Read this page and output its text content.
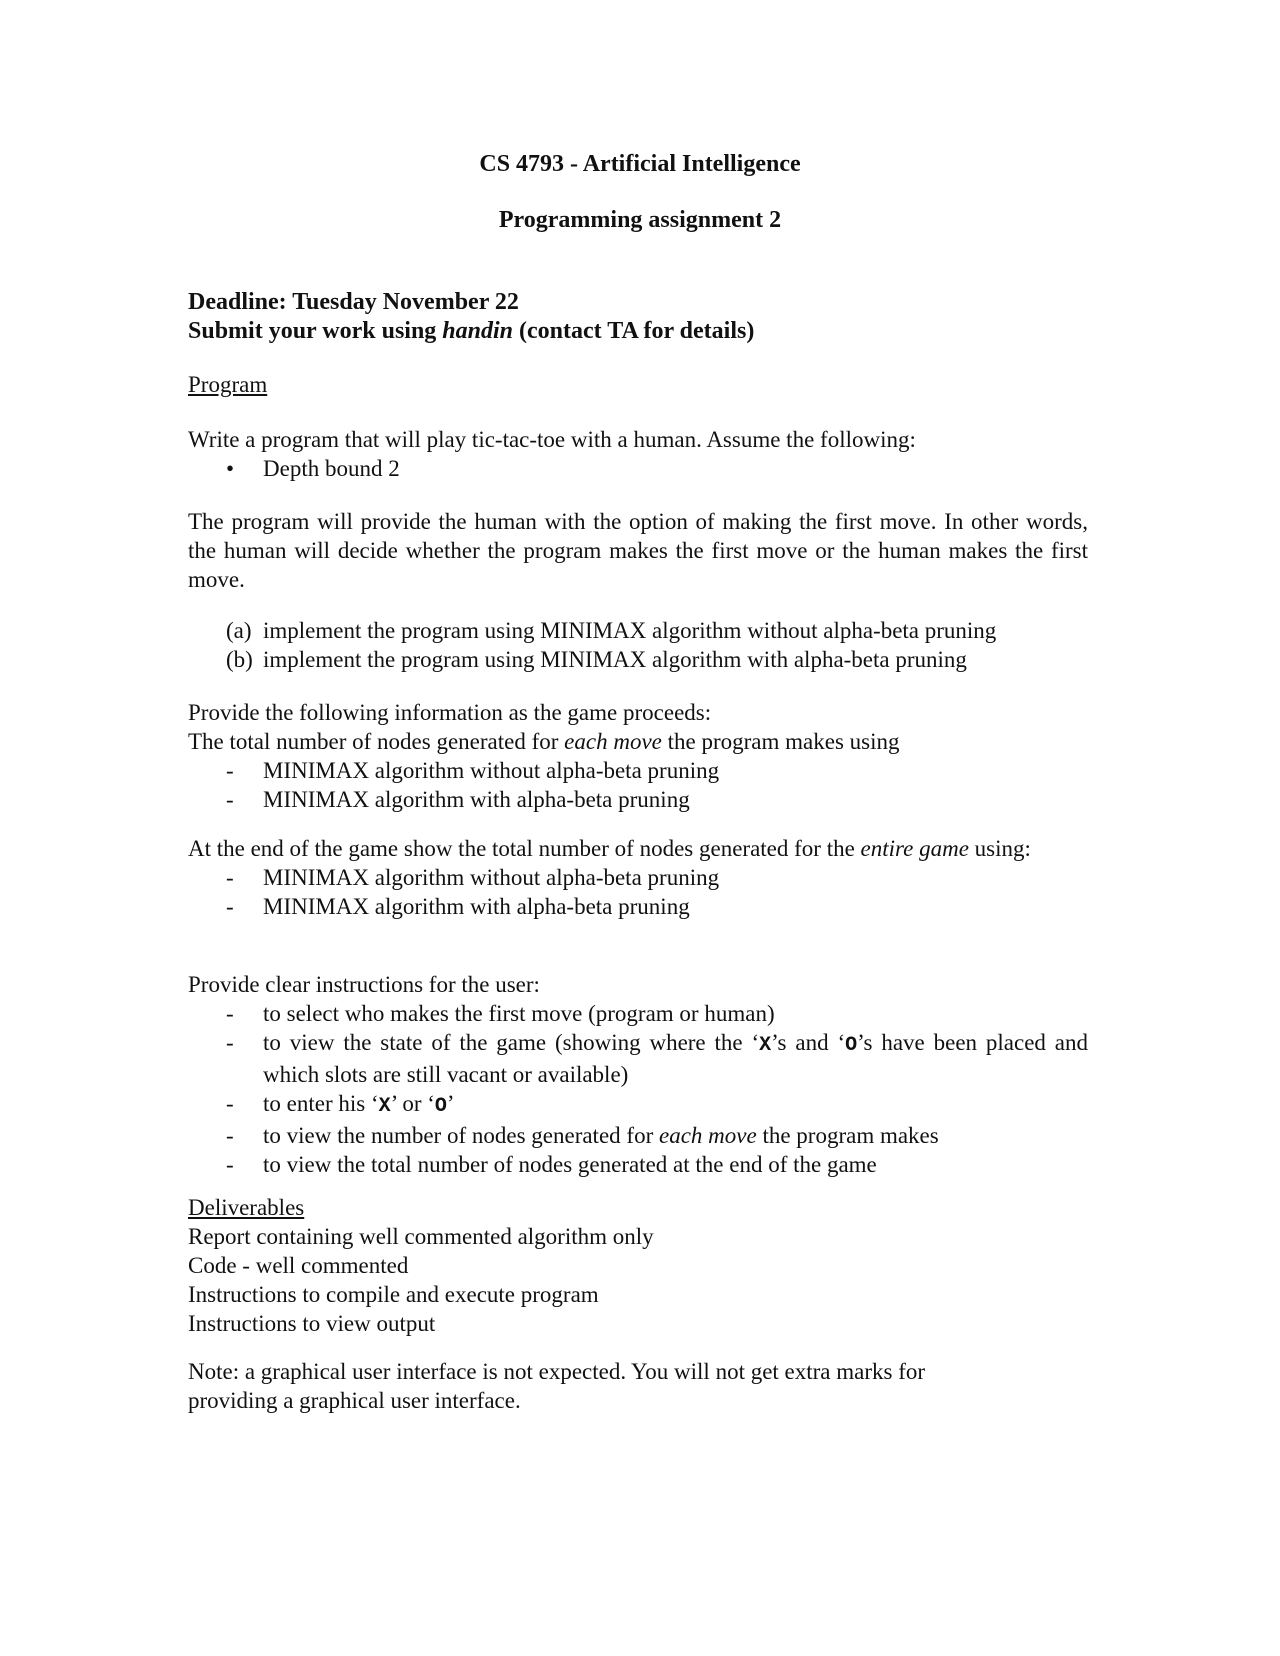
CS 4793 - Artificial Intelligence
Programming assignment 2
Deadline: Tuesday November 22
Submit your work using handin (contact TA for details)
Program
Write a program that will play tic-tac-toe with a human. Assume the following:
• Depth bound 2
The program will provide the human with the option of making the first move. In other words, the human will decide whether the program makes the first move or the human makes the first move.
(a) implement the program using MINIMAX algorithm without alpha-beta pruning
(b) implement the program using MINIMAX algorithm with alpha-beta pruning
Provide the following information as the game proceeds:
The total number of nodes generated for each move the program makes using
- MINIMAX algorithm without alpha-beta pruning
- MINIMAX algorithm with alpha-beta pruning
At the end of the game show the total number of nodes generated for the entire game using:
- MINIMAX algorithm without alpha-beta pruning
- MINIMAX algorithm with alpha-beta pruning
Provide clear instructions for the user:
- to select who makes the first move (program or human)
- to view the state of the game (showing where the ‘X’s and ‘O’s have been placed and which slots are still vacant or available)
- to enter his ‘X’ or ‘O’
- to view the number of nodes generated for each move the program makes
- to view the total number of nodes generated at the end of the game
Deliverables
Report containing well commented algorithm only
Code - well commented
Instructions to compile and execute program
Instructions to view output
Note: a graphical user interface is not expected. You will not get extra marks for
providing a graphical user interface.
